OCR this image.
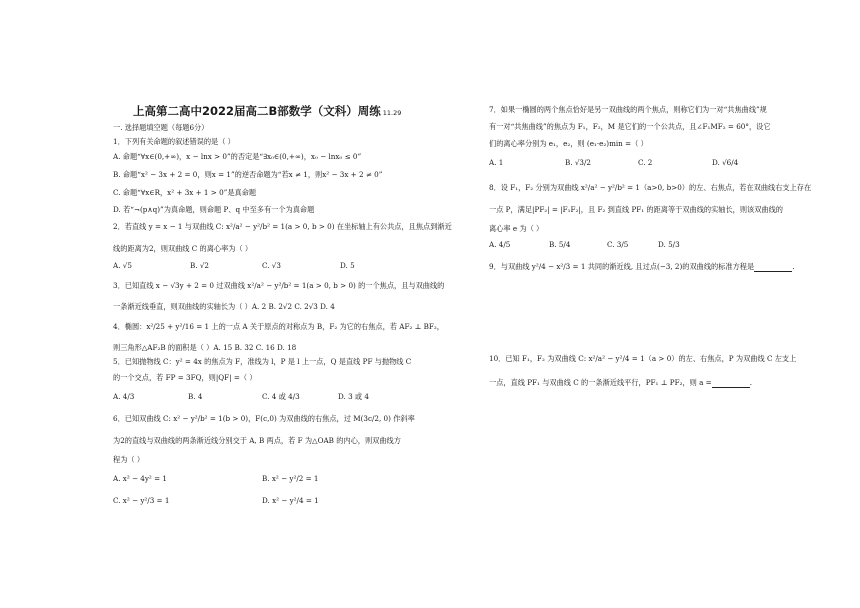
上高第二高中2022届高二B部数学（文科）周练 11.29
一. 选择题填空题（每题6分）
1．下列有关命题的叙述错误的是（ ）
A. 命题“∀x∈(0,+∞)，x − lnx > 0”的否定是“∃x₀∈(0,+∞)，x₀ − lnx₀ ≤ 0”
B. 命题“x² − 3x + 2 = 0，则x = 1”的逆否命题为“若x ≠ 1，则x² − 3x + 2 ≠ 0”
C. 命题“∀x∈R，x² + 3x + 1 > 0”是真命题
D. 若“¬(p∧q)”为真命题，则命题 P、q 中至多有一个为真命题
2．若直线 y = x − 1 与双曲线 C: x²/a² − y²/b² = 1(a > 0, b > 0) 在坐标轴上有公共点，且焦点到渐近
线的距离为2，则双曲线 C 的离心率为（ ）
A. √5	B. √2	C. √3	D. 5
3．已知直线 x − √3y + 2 = 0 过双曲线 x²/a² − y²/b² = 1(a > 0, b > 0) 的一个焦点，且与双曲线的
一条渐近线垂直，则双曲线的实轴长为（ ）A. 2 B. 2√2 C. 2√3 D. 4
4．椭圆：x²/25 + y²/16 = 1 上的一点 A 关于原点的对称点为 B，F₂ 为它的右焦点，若 AF₂ ⊥ BF₂，
则三角形△AF₂B 的面积是（ ）A. 15 B. 32 C. 16 D. 18
5．已知抛物线 C：y² = 4x 的焦点为 F，准线为 l，P 是 l 上一点，Q 是直线 PF 与抛物线 C
的一个交点，若 FP = 3FQ，则|QF| =（ ）
A. 4/3	B. 4	C. 4 或 4/3	D. 3 或 4
6．已知双曲线 C: x² − y²/b² = 1(b > 0)，F(c,0) 为双曲线的右焦点，过 M(3c/2, 0) 作斜率
为2的直线与双曲线的两条渐近线分别交于 A, B 两点，若 F 为△OAB 的内心，则双曲线方
程为（ ）
A. x² − 4y² = 1	B. x² − y²/2 = 1
C. x² − y²/3 = 1	D. x² − y²/4 = 1
7．如果一椭圆的两个焦点恰好是另一双曲线的两个焦点，则称它们为一对“共焦曲线”规
有一对“共焦曲线”的焦点为 F₁，F₂，M 是它们的一个公共点，且∠F₁MF₂ = 60°，设它
们的离心率分别为 e₁，e₂，则 (e₁·e₂)min =（ ）
A. 1	B. √3/2	C. 2	D. √6/4
8．设 F₁，F₂ 分别为双曲线 x²/a² − y²/b² = 1（a>0, b>0）的左、右焦点，若在双曲线右支上存在
一点 P，满足|PF₂| = |F₁F₂|，且 F₂ 到直线 PF₁ 的距离等于双曲线的实轴长，则该双曲线的
离心率 e 为（ ）
A. 4/5	B. 5/4	C. 3/5	D. 5/3
9．与双曲线 y²/4 − x²/3 = 1 共同的渐近线, 且过点(−3, 2)的双曲线的标准方程是	.
10．已知 F₁，F₂ 为双曲线 C: x²/a² − y²/4 = 1（a > 0）的左、右焦点，P 为双曲线 C 左支上
一点，直线 PF₁ 与双曲线 C 的一条渐近线平行，PF₁ ⊥ PF₂，则 a =	.
